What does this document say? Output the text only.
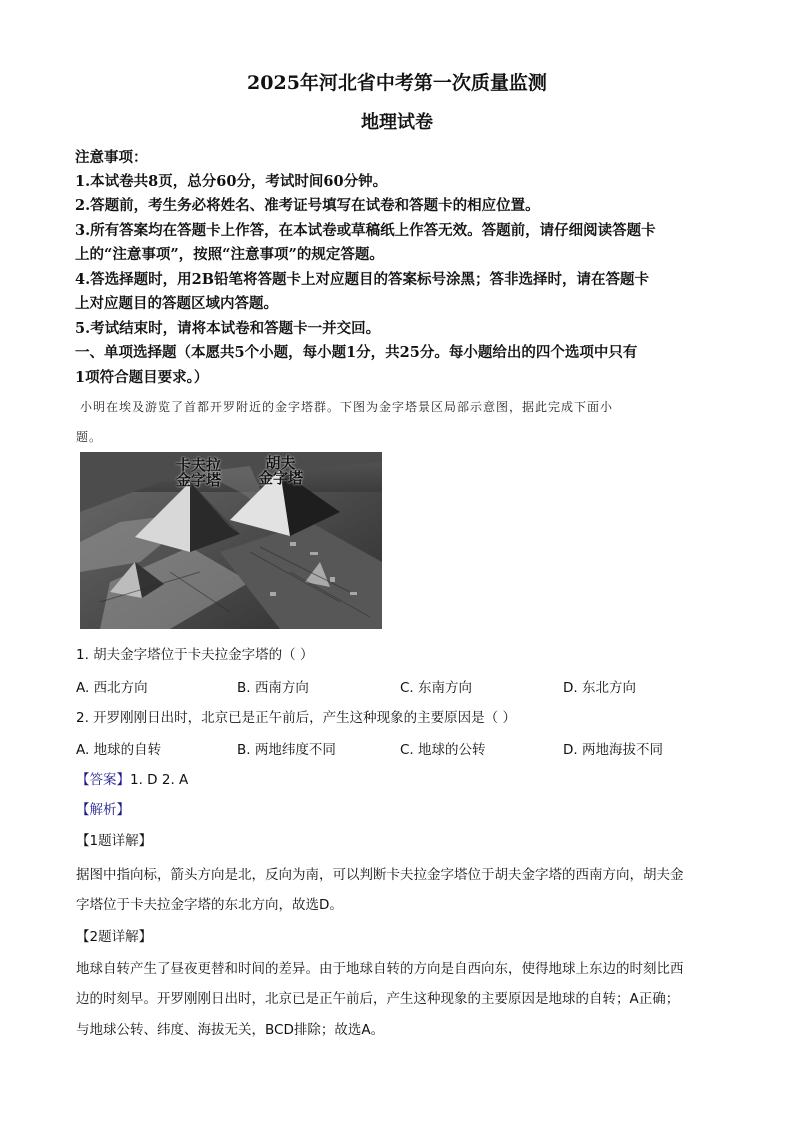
2025年河北省中考第一次质量监测
地理试卷
注意事项：
1.本试卷共8页，总分60分，考试时间60分钟。
2.答题前，考生务必将姓名、准考证号填写在试卷和答题卡的相应位置。
3.所有答案均在答题卡上作答，在本试卷或草稿纸上作答无效。答题前，请仔细阅读答题卡
上的“注意事项”，按照“注意事项”的规定答题。
4.答选择题时，用2B铅笔将答题卡上对应题目的答案标号涂黑；答非选择时，请在答题卡
上对应题目的答题区域内答题。
5.考试结束时，请将本试卷和答题卡一并交回。
一、单项选择题（本愿共5个小题，每小题1分，共25分。每小题给出的四个选项中只有
1项符合题目要求。）
小明在埃及游览了首都开罗附近的金字塔群。下图为金字塔景区局部示意图，据此完成下面小
题。
卡夫拉
金字塔
胡夫
金字塔
1. 胡夫金字塔位于卡夫拉金字塔的（ ）
A. 西北方向	B. 西南方向	C. 东南方向	D. 东北方向
2. 开罗刚刚日出时，北京已是正午前后，产生这种现象的主要原因是（ ）
A. 地球的自转	B. 两地纬度不同	C. 地球的公转	D. 两地海拔不同
【答案】1. D 2. A
【解析】
【1题详解】
据图中指向标，箭头方向是北，反向为南，可以判断卡夫拉金字塔位于胡夫金字塔的西南方向，胡夫金
字塔位于卡夫拉金字塔的东北方向，故选D。
【2题详解】
地球自转产生了昼夜更替和时间的差异。由于地球自转的方向是自西向东，使得地球上东边的时刻比西
边的时刻早。开罗刚刚日出时，北京已是正午前后，产生这种现象的主要原因是地球的自转；A正确；
与地球公转、纬度、海拔无关，BCD排除；故选A。
